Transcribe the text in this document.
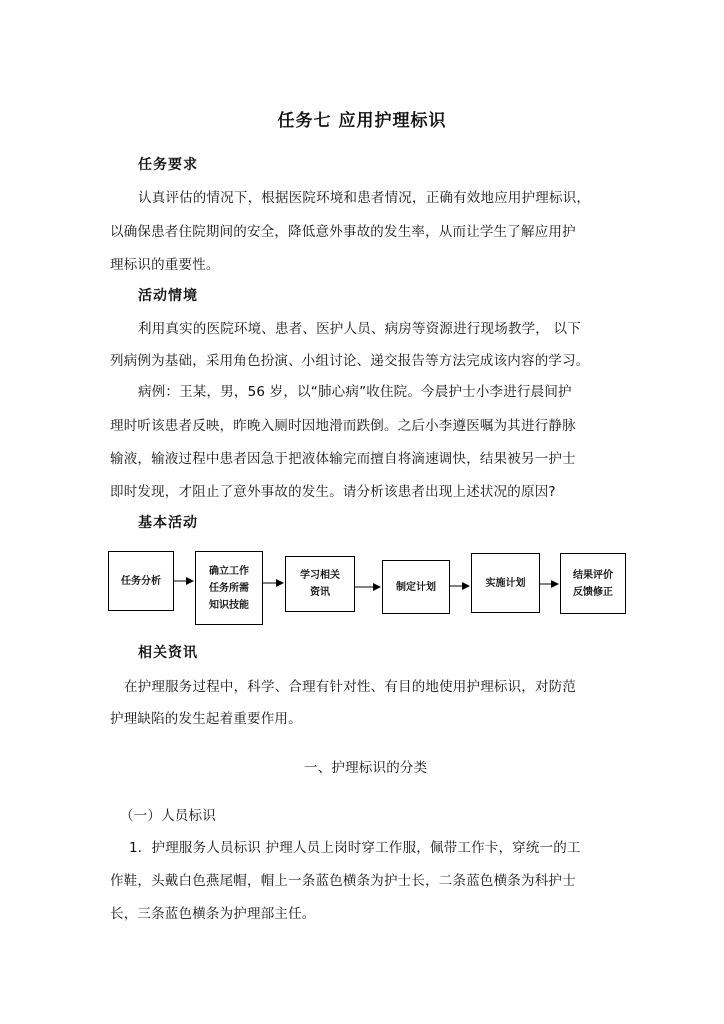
任务七 应用护理标识
任务要求
认真评估的情况下，根据医院环境和患者情况，正确有效地应用护理标识，
以确保患者住院期间的安全，降低意外事故的发生率，从而让学生了解应用护
理标识的重要性。
活动情境
利用真实的医院环境、患者、医护人员、病房等资源进行现场教学， 以下
列病例为基础，采用角色扮演、小组讨论、递交报告等方法完成该内容的学习。
病例：王某，男，56 岁，以“肺心病”收住院。今晨护士小李进行晨间护
理时听该患者反映，昨晚入厕时因地滑而跌倒。之后小李遵医嘱为其进行静脉
输液，输液过程中患者因急于把液体输完而擅自将滴速调快，结果被另一护士
即时发现，才阻止了意外事故的发生。请分析该患者出现上述状况的原因?
基本活动
任务分析
确立工作
任务所需
知识技能
学习相关
资讯	制定计划	实施计划
结果评价
反馈修正
相关资讯
在护理服务过程中，科学、合理有针对性、有目的地使用护理标识，对防范
护理缺陷的发生起着重要作用。
一、护理标识的分类
（一）人员标识
1．护理服务人员标识 护理人员上岗时穿工作服，佩带工作卡，穿统一的工
作鞋，头戴白色燕尾帽，帽上一条蓝色横条为护士长，二条蓝色横条为科护士
长，三条蓝色横条为护理部主任。
